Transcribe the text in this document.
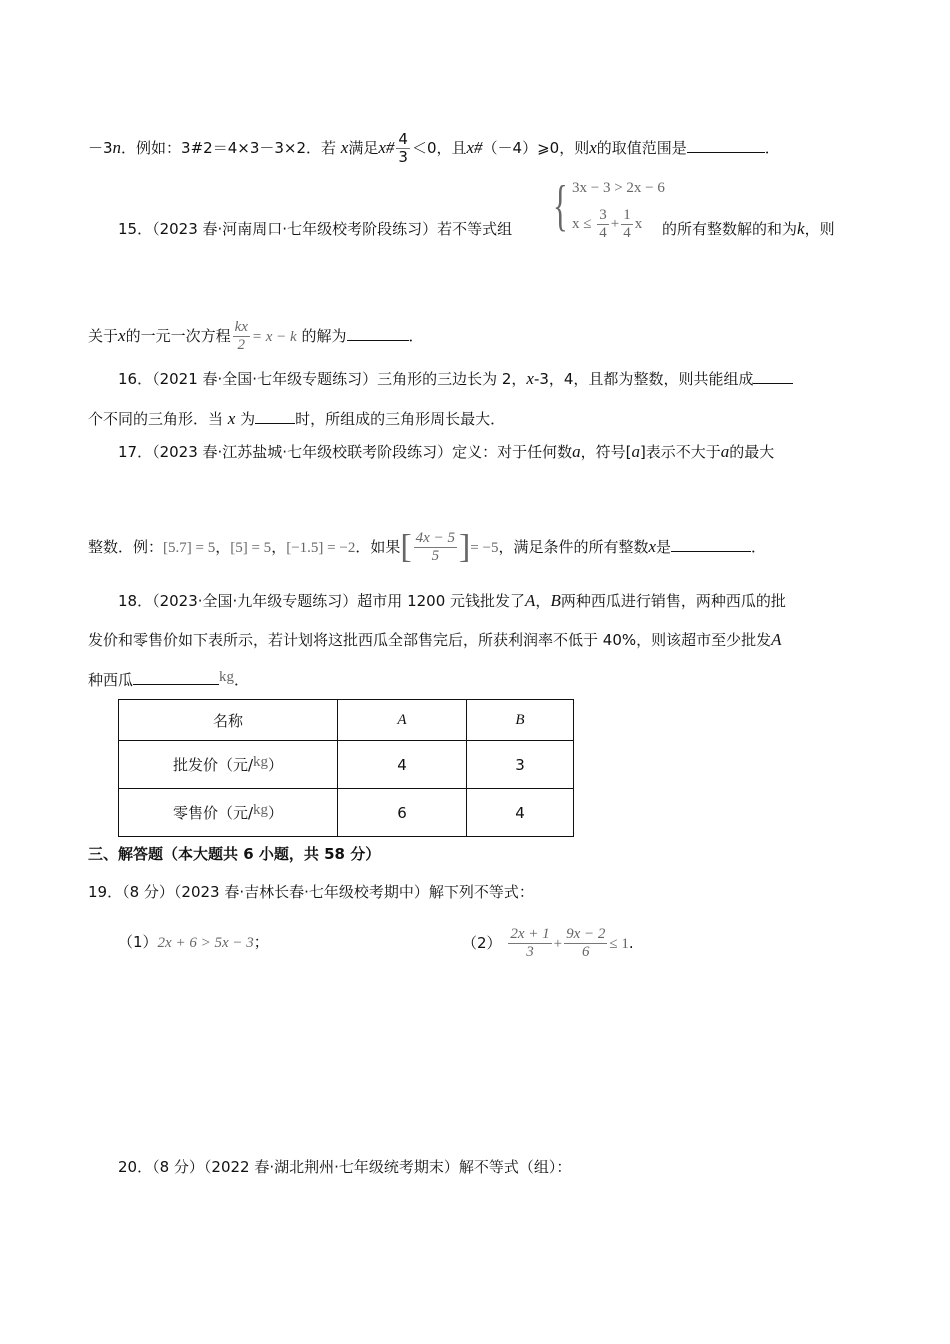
－3n．例如：3#2＝4×3－3×2．若 x满足x# $\frac{4}{3} <0$，且x#（－4）⩾0，则x的取值范围是	．
15．（2023 春·河南周口·七年级校考阶段练习）若不等式组 { 3x − 3 > 2x − 6
$x \le \frac{3}{4} + \frac{1}{4}$ x 的所有整数解的和为k，则
关于x的一元一次方程 $\frac{kx}{2} = x - k$ 的解为	．
16．（2021 春·全国·七年级专题练习）三角形的三边长为 2，x-3，4，且都为整数，则共能组成
个不同的三角形．当 x 为	时，所组成的三角形周长最大．
17．（2023 春·江苏盐城·七年级校联考阶段练习）定义：对于任何数a，符号[a]表示不大于a的最大
整数．例：[5.7] = 5，[5] = 5，[−1.5] = −2．如果[ $\frac{4x - 5}{5}$ ]= −5，满足条件的所有整数x是	．
18．（2023·全国·九年级专题练习）超市用 1200 元钱批发了A，B两种西瓜进行销售，两种西瓜的批
发价和零售价如下表所示，若计划将这批西瓜全部售完后，所获利润率不低于 40%，则该超市至少批发A
种西瓜	kg．
名称	A	B
批发价（元/kg）	4	3
零售价（元/kg）	6	4
三、解答题（本大题共 6 小题，共 58 分）
19．（8 分）（2023 春·吉林长春·七年级校考期中）解下列不等式：
（1）2x + 6 > 5x − 3；	$(2) \frac{2x + 1}{3} + \frac{9x - 2}{6} \le 1$.
20．（8 分）（2022 春·湖北荆州·七年级统考期末）解不等式（组）：
